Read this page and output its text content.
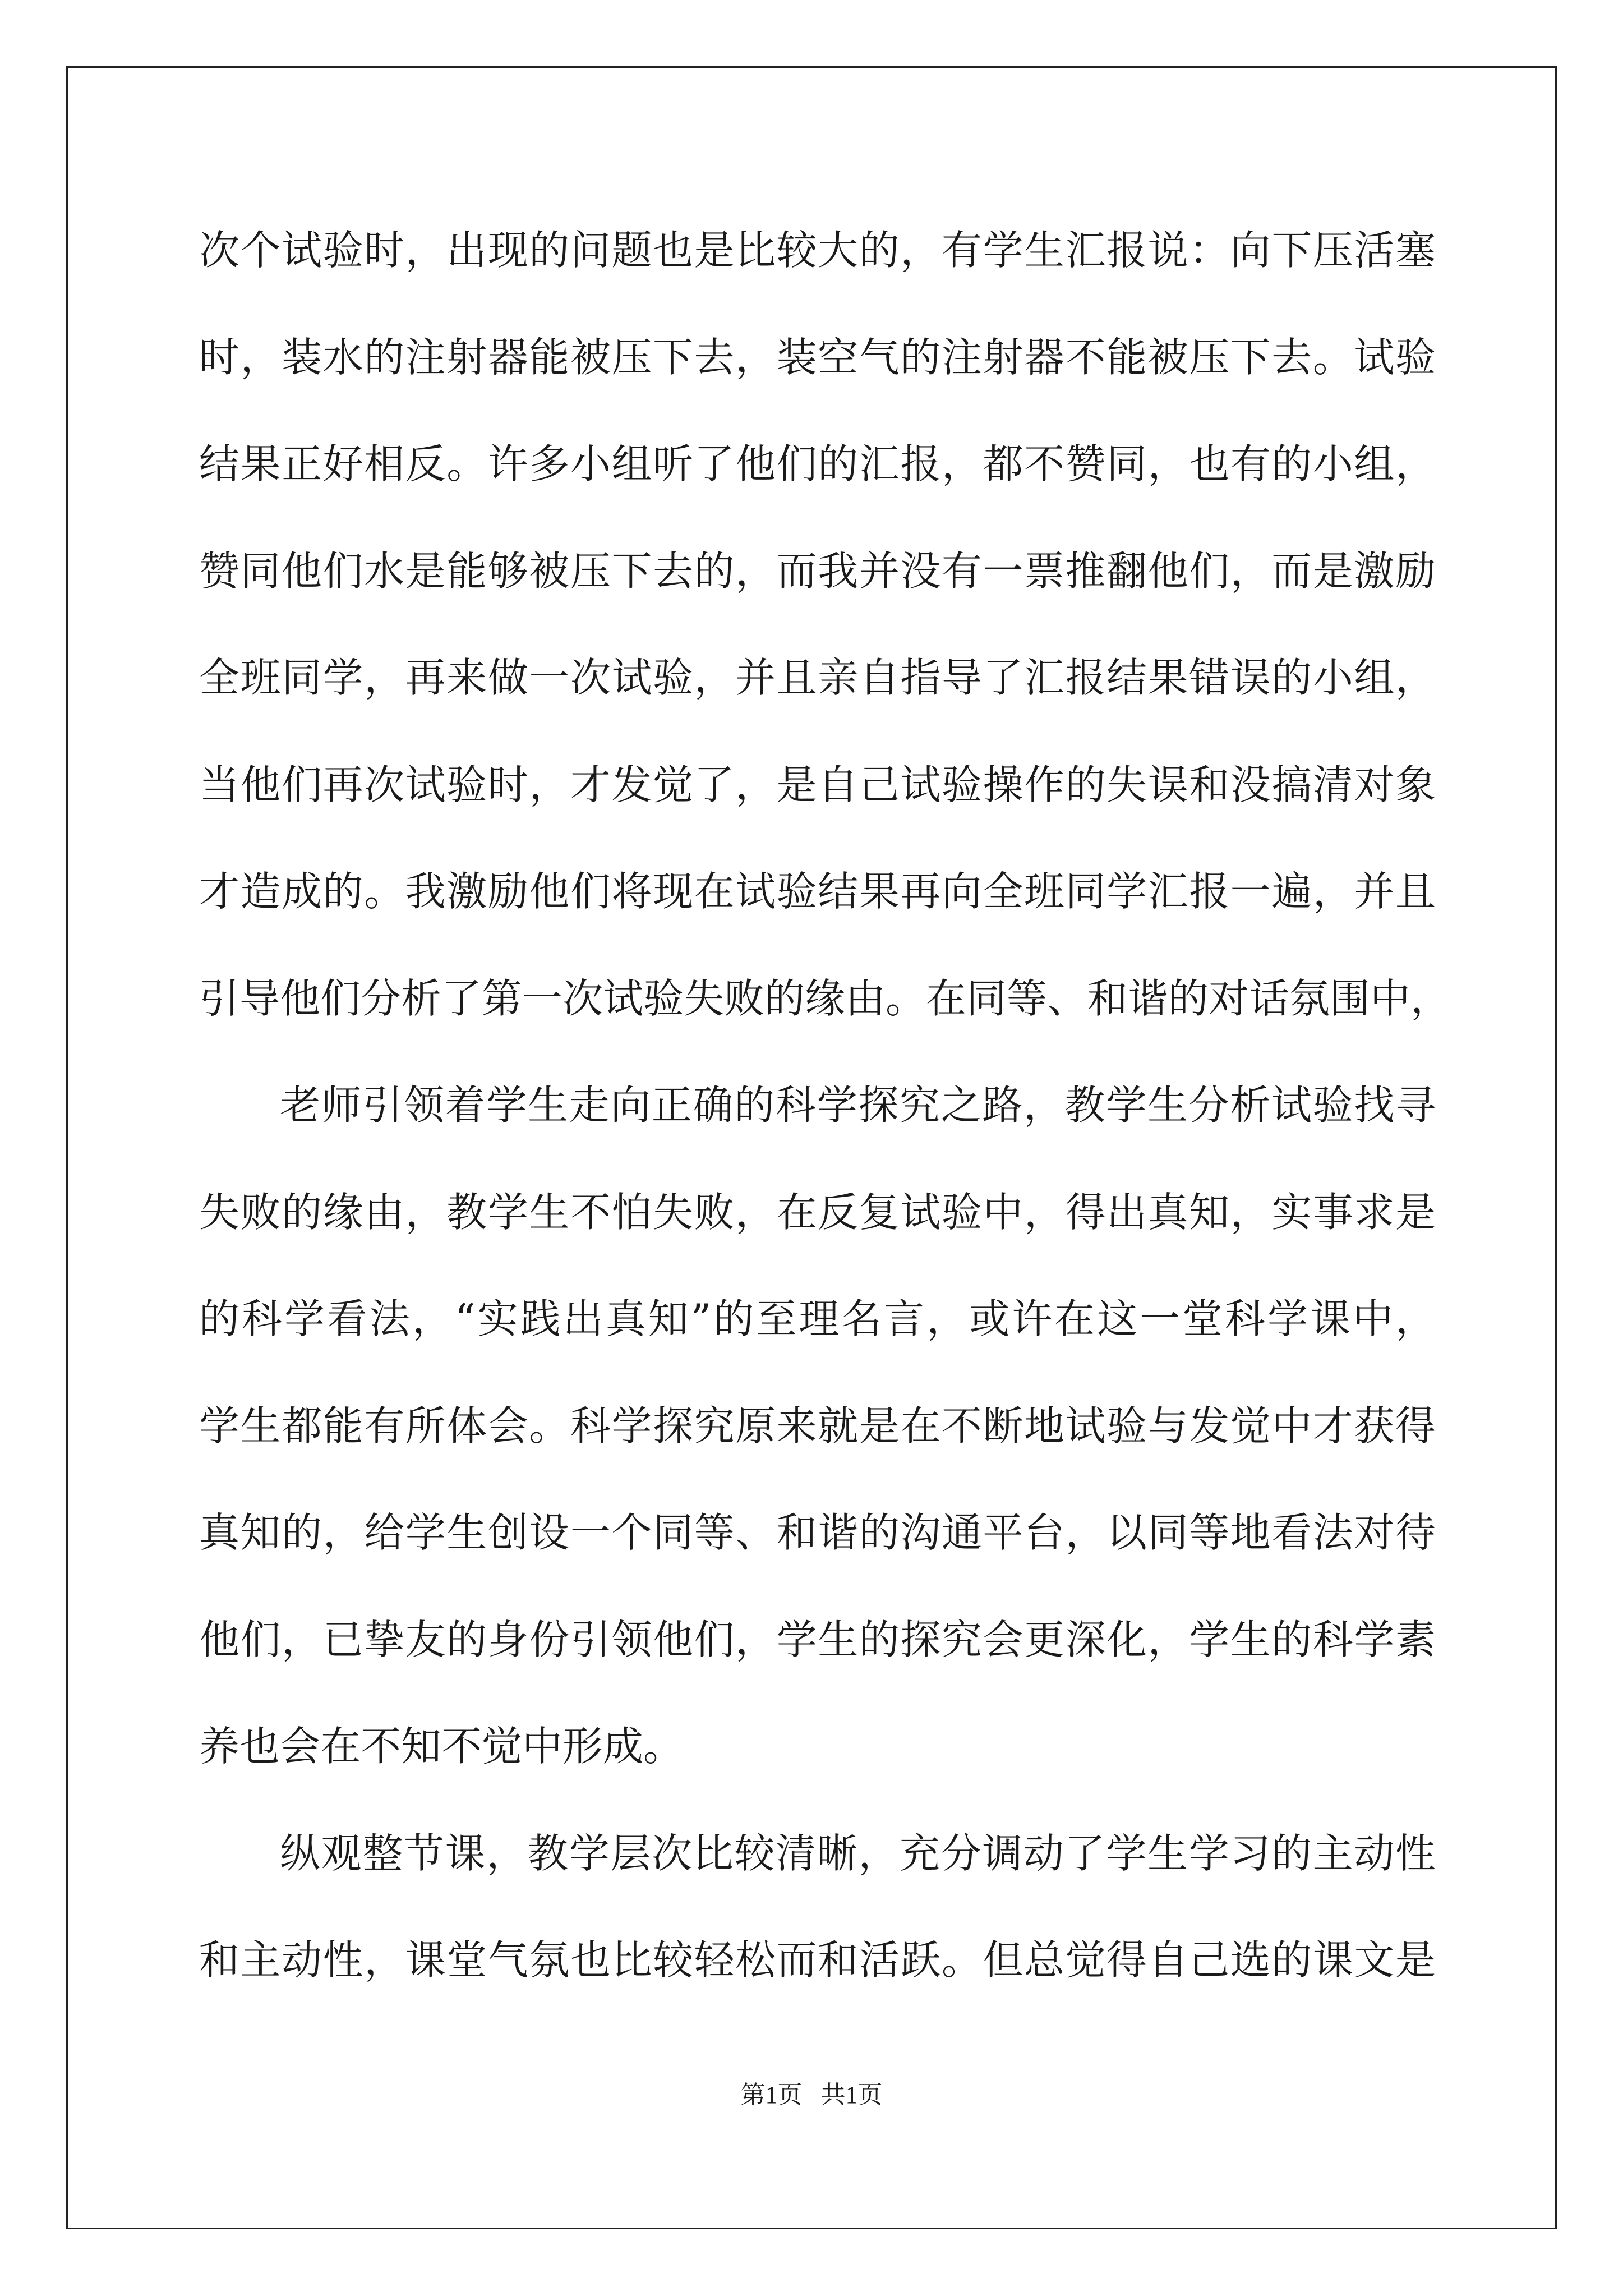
次个试验时，出现的问题也是比较大的，有学生汇报说：向下压活塞
时，装水的注射器能被压下去，装空气的注射器不能被压下去。试验
结果正好相反。许多小组听了他们的汇报，都不赞同，也有的小组，
赞同他们水是能够被压下去的，而我并没有一票推翻他们，而是激励
全班同学，再来做一次试验，并且亲自指导了汇报结果错误的小组，
当他们再次试验时，才发觉了，是自己试验操作的失误和没搞清对象
才造成的。我激励他们将现在试验结果再向全班同学汇报一遍，并且
引导他们分析了第一次试验失败的缘由。在同等、和谐的对话氛围中，
老师引领着学生走向正确的科学探究之路，教学生分析试验找寻
失败的缘由，教学生不怕失败，在反复试验中，得出真知，实事求是
的科学看法，“实践出真知”的至理名言，或许在这一堂科学课中，
学生都能有所体会。科学探究原来就是在不断地试验与发觉中才获得
真知的，给学生创设一个同等、和谐的沟通平台，以同等地看法对待
他们，已挚友的身份引领他们，学生的探究会更深化，学生的科学素
养也会在不知不觉中形成。
纵观整节课，教学层次比较清晰，充分调动了学生学习的主动性
和主动性，课堂气氛也比较轻松而和活跃。但总觉得自己选的课文是
第1页   共1页
